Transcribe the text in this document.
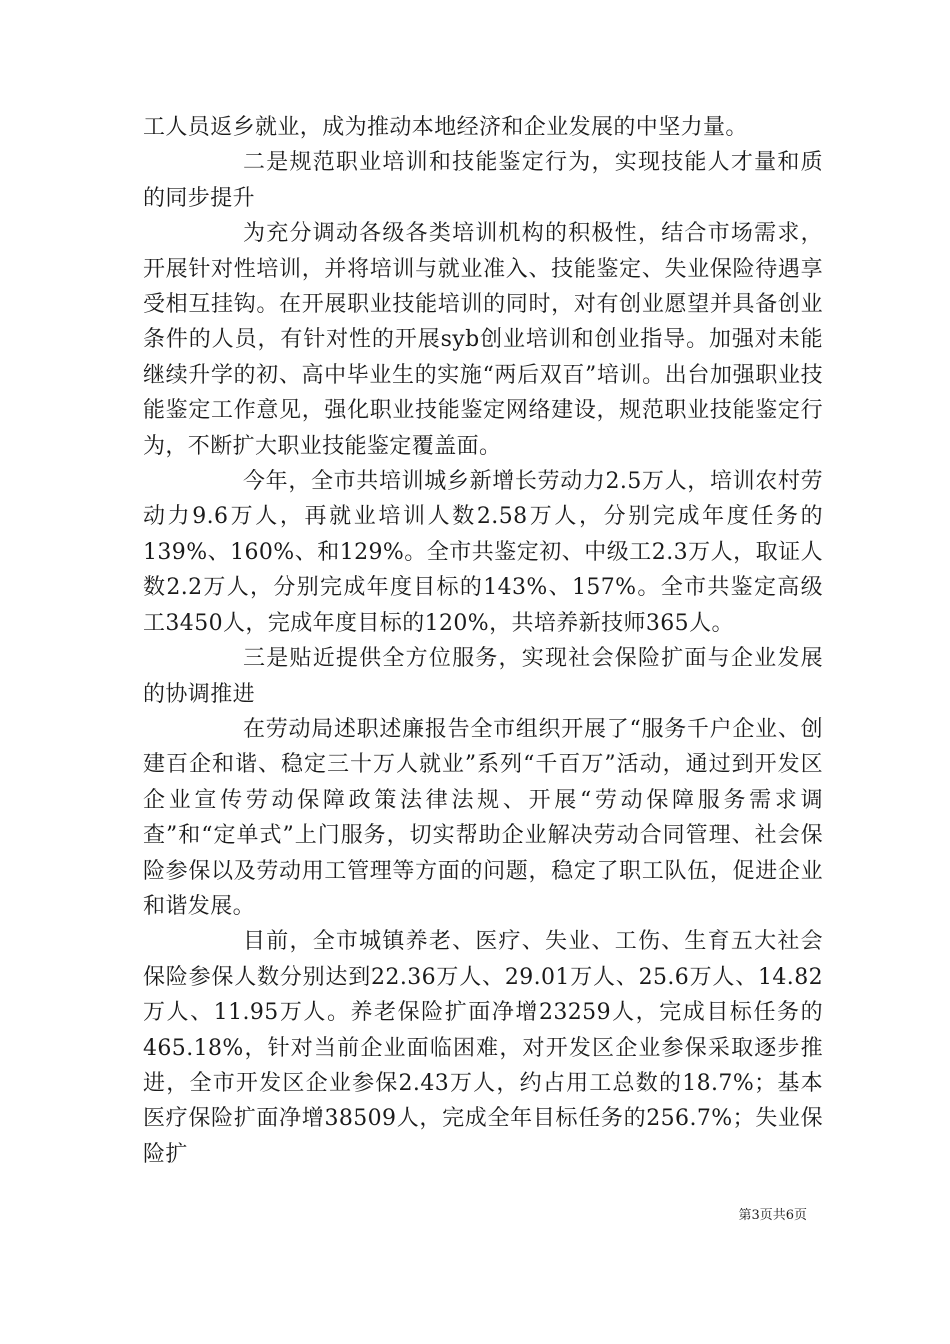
工人员返乡就业，成为推动本地经济和企业发展的中坚力量。

二是规范职业培训和技能鉴定行为，实现技能人才量和质的同步提升

为充分调动各级各类培训机构的积极性，结合市场需求，开展针对性培训，并将培训与就业准入、技能鉴定、失业保险待遇享受相互挂钩。在开展职业技能培训的同时，对有创业愿望并具备创业条件的人员，有针对性的开展syb创业培训和创业指导。加强对未能继续升学的初、高中毕业生的实施“两后双百”培训。出台加强职业技能鉴定工作意见，强化职业技能鉴定网络建设，规范职业技能鉴定行为，不断扩大职业技能鉴定覆盖面。

今年，全市共培训城乡新增长劳动力2.5万人，培训农村劳动力9.6万人，再就业培训人数2.58万人，分别完成年度任务的139%、160%、和129%。全市共鉴定初、中级工2.3万人，取证人数2.2万人，分别完成年度目标的143%、157%。全市共鉴定高级工3450人，完成年度目标的120%，共培养新技师365人。

三是贴近提供全方位服务，实现社会保险扩面与企业发展的协调推进

在劳动局述职述廉报告全市组织开展了“服务千户企业、创建百企和谐、稳定三十万人就业”系列“千百万”活动，通过到开发区企业宣传劳动保障政策法律法规、开展“劳动保障服务需求调查”和“定单式”上门服务，切实帮助企业解决劳动合同管理、社会保险参保以及劳动用工管理等方面的问题，稳定了职工队伍，促进企业和谐发展。

目前，全市城镇养老、医疗、失业、工伤、生育五大社会保险参保人数分别达到22.36万人、29.01万人、25.6万人、14.82万人、11.95万人。养老保险扩面净增23259人，完成目标任务的465.18%，针对当前企业面临困难，对开发区企业参保采取逐步推进，全市开发区企业参保2.43万人，约占用工总数的18.7%；基本医疗保险扩面净增38509人，完成全年目标任务的256.7%；失业保险扩

第3页共6页
